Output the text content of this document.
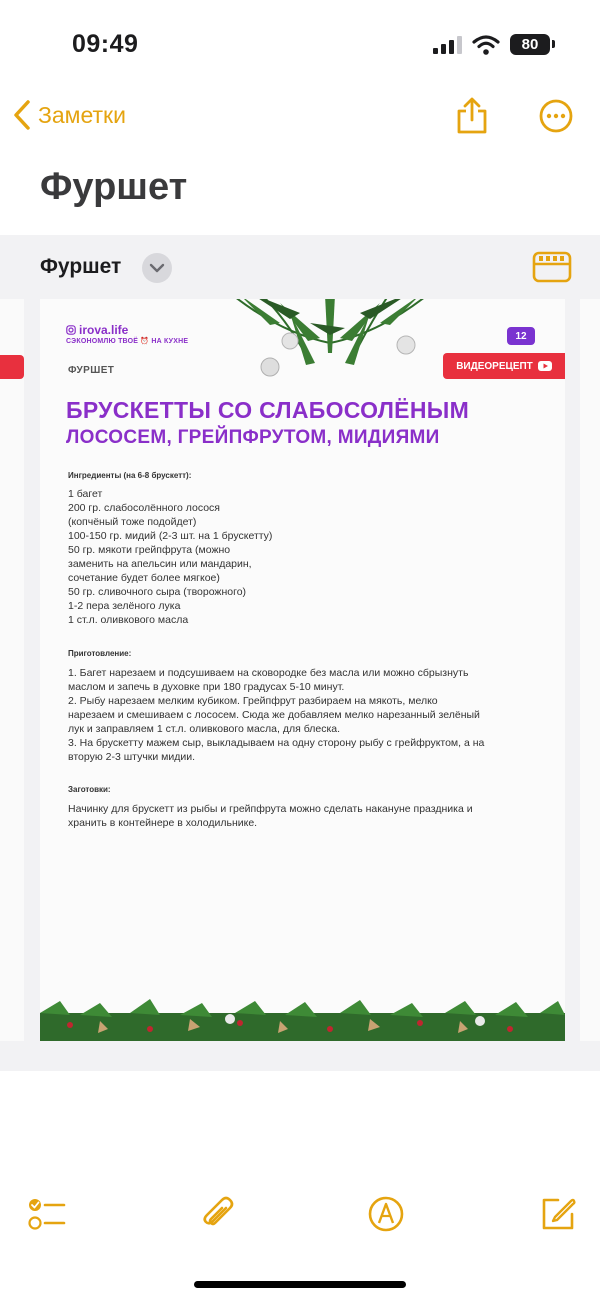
09:49	80
Заметки
Фуршет
Фуршет
irova.life
СЭКОНОМЛЮ ТВОЁ ⏰ НА КУХНЕ
ФУРШЕТ
12
ВИДЕОРЕЦЕПТ
БРУСКЕТТЫ СО СЛАБОСОЛЁНЫМ
ЛОСОСЕМ, ГРЕЙПФРУТОМ, МИДИЯМИ
Ингредиенты (на 6-8 брускетт):
1 багет
200 гр. слабосолённого лосося
(копчёный тоже подойдет)
100-150 гр. мидий (2-3 шт. на 1 брускетту)
50 гр. мякоти грейпфрута (можно
заменить на апельсин или мандарин,
сочетание будет более мягкое)
50 гр. сливочного сыра (творожного)
1-2 пера зелёного лука
1 ст.л. оливкового масла
Приготовление:
1. Багет нарезаем и подсушиваем на сковородке без масла или можно сбрызнуть
маслом и запечь в духовке при 180 градусах 5-10 минут.
2. Рыбу нарезаем мелким кубиком. Грейпфрут разбираем на мякоть, мелко
нарезаем и смешиваем с лососем. Сюда же добавляем мелко нарезанный зелёный
лук и заправляем 1 ст.л. оливкового масла, для блеска.
3. На брускетту мажем сыр, выкладываем на одну сторону рыбу с грейфруктом, а на
вторую 2-3 штучки мидии.
Заготовки:
Начинку для брускетт из рыбы и грейпфрута можно сделать накануне праздника и
хранить в контейнере в холодильнике.
